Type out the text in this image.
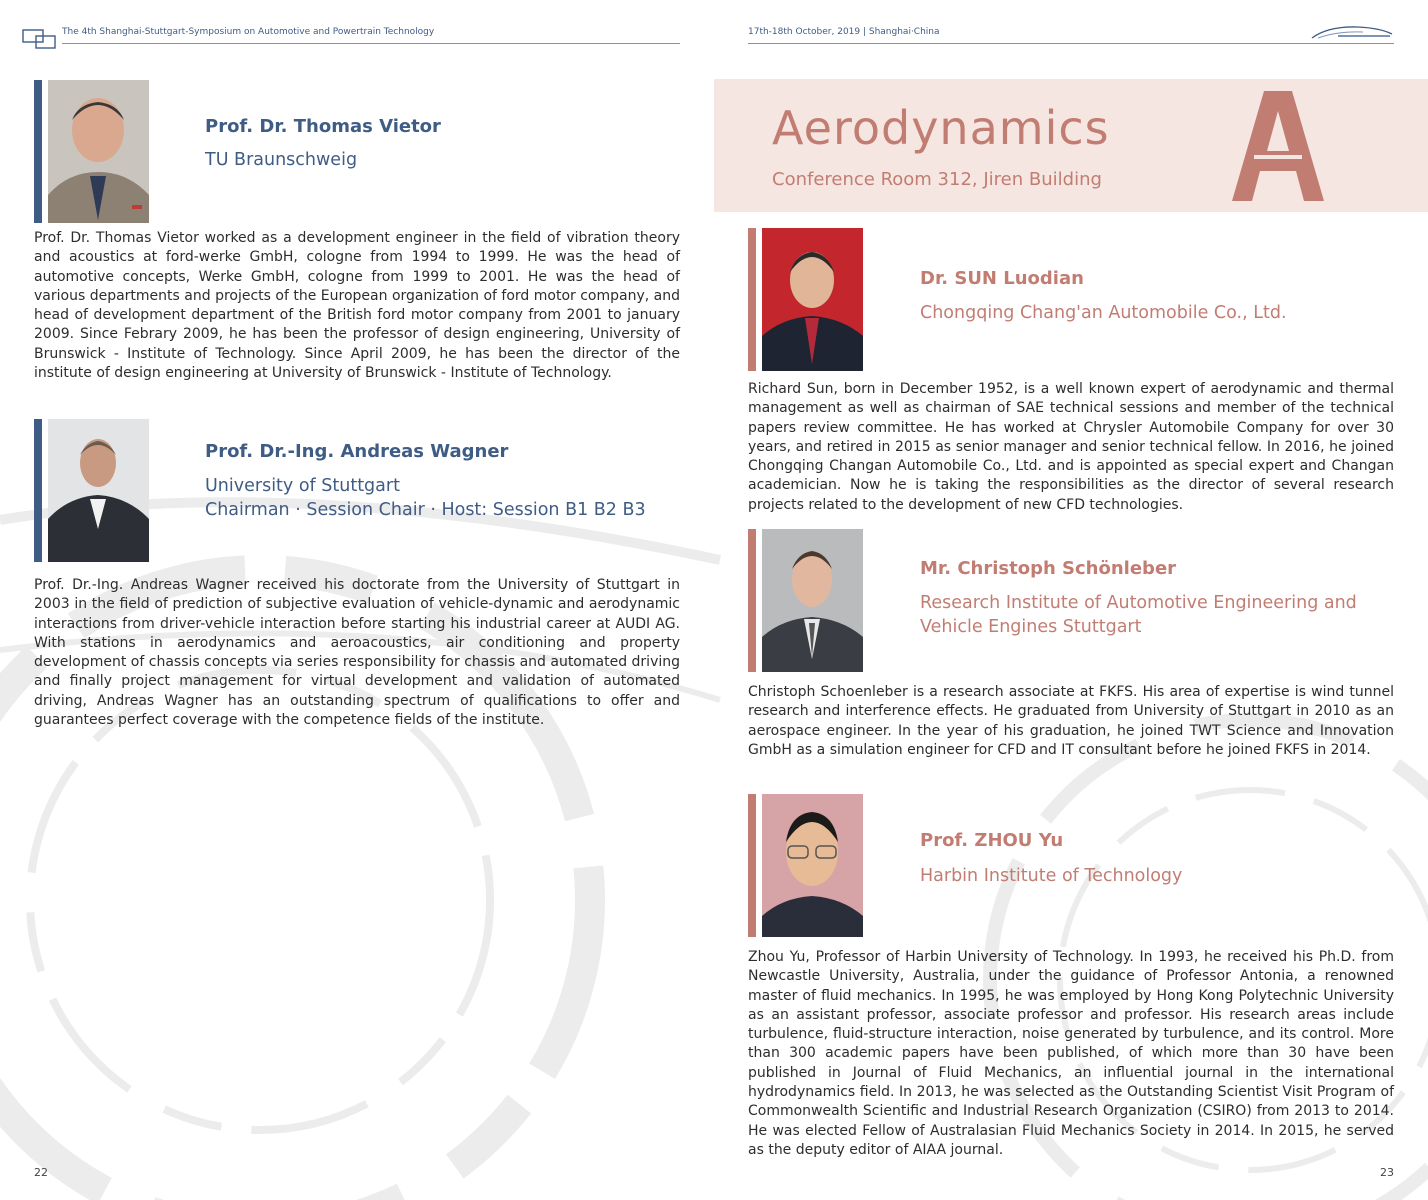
The 4th Shanghai-Stuttgart-Symposium on Automotive and Powertrain Technology	17th-18th October, 2019 | Shanghai·China
Prof. Dr. Thomas Vietor
TU Braunschweig
Prof. Dr. Thomas Vietor worked as a development engineer in the field of vibration theory and acoustics at ford-werke GmbH, cologne from 1994 to 1999. He was the head of automotive concepts, Werke GmbH, cologne from 1999 to 2001. He was the head of various departments and projects of the European organization of ford motor company, and head of development department of the British ford motor company from 2001 to january 2009. Since Febrary 2009, he has been the professor of design engineering, University of Brunswick - Institute of Technology. Since April 2009, he has been the director of the institute of design engineering at University of Brunswick - Institute of Technology.
Prof. Dr.-Ing. Andreas Wagner
University of Stuttgart
Chairman · Session Chair · Host: Session B1 B2 B3
Prof. Dr.-Ing. Andreas Wagner received his doctorate from the University of Stuttgart in 2003 in the field of prediction of subjective evaluation of vehicle-dynamic and aerodynamic interactions from driver-vehicle interaction before starting his industrial career at AUDI AG. With stations in aerodynamics and aeroacoustics, air conditioning and property development of chassis concepts via series responsibility for chassis and automated driving and finally project management for virtual development and validation of automated driving, Andreas Wagner has an outstanding spectrum of qualifications to offer and guarantees perfect coverage with the competence fields of the institute.
22
Aerodynamics
Conference Room 312, Jiren Building
Dr. SUN Luodian
Chongqing Chang'an Automobile Co., Ltd.
Richard Sun, born in December 1952, is a well known expert of aerodynamic and thermal management as well as chairman of SAE technical sessions and member of the technical papers review committee. He has worked at Chrysler Automobile Company for over 30 years, and retired in 2015 as senior manager and senior technical fellow. In 2016, he joined Chongqing Changan Automobile Co., Ltd. and is appointed as special expert and Changan academician. Now he is taking the responsibilities as the director of several research projects related to the development of new CFD technologies.
Mr. Christoph Schönleber
Research Institute of Automotive Engineering and Vehicle Engines Stuttgart
Christoph Schoenleber is a research associate at FKFS. His area of expertise is wind tunnel research and interference effects. He graduated from University of Stuttgart in 2010 as an aerospace engineer. In the year of his graduation, he joined TWT Science and Innovation GmbH as a simulation engineer for CFD and IT consultant before he joined FKFS in 2014.
Prof. ZHOU Yu
Harbin Institute of Technology
Zhou Yu, Professor of Harbin University of Technology. In 1993, he received his Ph.D. from Newcastle University, Australia, under the guidance of Professor Antonia, a renowned master of fluid mechanics. In 1995, he was employed by Hong Kong Polytechnic University as an assistant professor, associate professor and professor. His research areas include turbulence, fluid-structure interaction, noise generated by turbulence, and its control. More than 300 academic papers have been published, of which more than 30 have been published in Journal of Fluid Mechanics, an influential journal in the international hydrodynamics field. In 2013, he was selected as the Outstanding Scientist Visit Program of Commonwealth Scientific and Industrial Research Organization (CSIRO) from 2013 to 2014. He was elected Fellow of Australasian Fluid Mechanics Society in 2014. In 2015, he served as the deputy editor of AIAA journal.
23
